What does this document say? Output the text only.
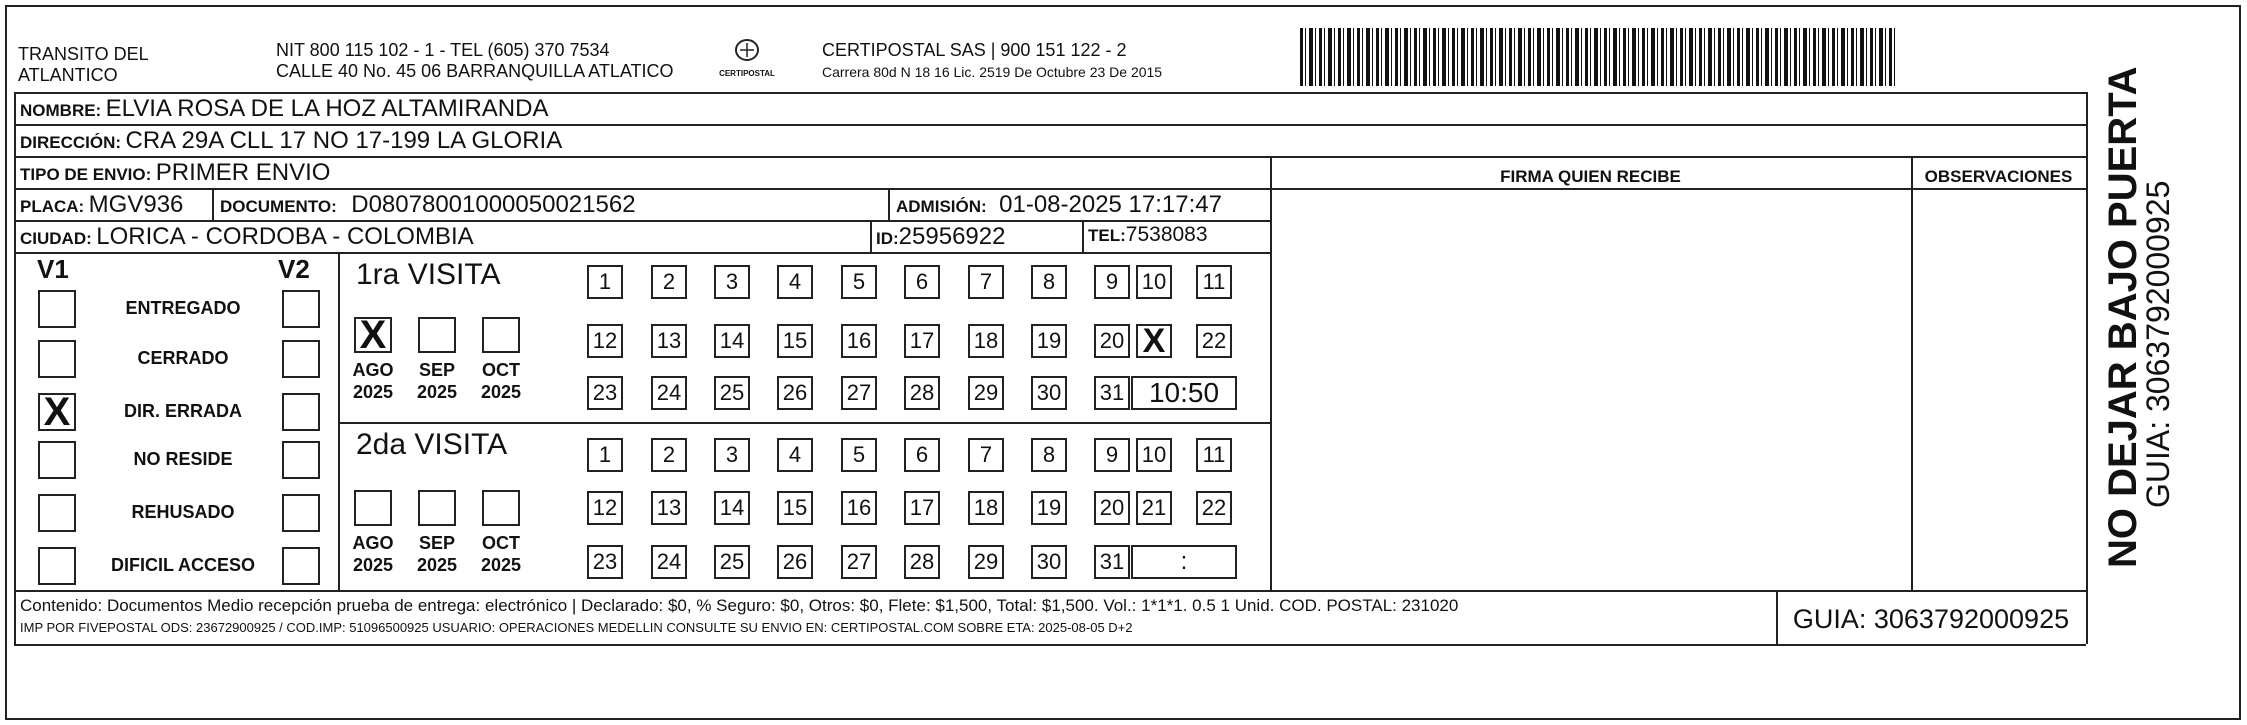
TRANSITO DEL
ATLANTICO
NIT 800 115 102 - 1 - TEL (605) 370 7534
CALLE 40 No. 45 06 BARRANQUILLA ATLATICO	CERTIPOSTAL
CERTIPOSTAL SAS | 900 151 122 - 2
Carrera 80d N 18 16 Lic. 2519 De Octubre 23 De 2015
NOMBRE: ELVIA ROSA DE LA HOZ ALTAMIRANDA
DIRECCIÓN: CRA 29A CLL 17 NO 17-199 LA GLORIA
TIPO DE ENVIO: PRIMER ENVIO	FIRMA QUIEN RECIBE	OBSERVACIONES
PLACA: MGV936 DOCUMENTO: D08078001000050021562	ADMISIÓN: 01-08-2025 17:17:47
CIUDAD: LORICA - CORDOBA - COLOMBIA	ID:25956922	TEL:7538083
V1	V2
ENTREGADO
CERRADO
X	DIR. ERRADA
NO RESIDE
REHUSADO
DIFICIL ACCESO
1ra VISITA
2da VISITA
X
AGO
2025
SEP
2025
OCT
2025
AGO
2025
SEP
2025
OCT
2025
1	2	3	4	5	6	7	8	9	10 11
12 13 14 15 16 17 18 19 20 X 22
23 24 25 26 27 28 29 30 31 10:50
1	2	3	4	5	6	7	8	9	10 11
12 13 14 15 16 17 18 19 20 21 22
23 24 25 26 27 28 29 30 31	:
Contenido: Documentos Medio recepción prueba de entrega: electrónico | Declarado: $0, % Seguro: $0, Otros: $0, Flete: $1,500, Total: $1,500. Vol.: 1*1*1. 0.5 1 Unid. COD. POSTAL: 231020
IMP POR FIVEPOSTAL ODS: 23672900925 / COD.IMP: 51096500925 USUARIO: OPERACIONES MEDELLIN CONSULTE SU ENVIO EN: CERTIPOSTAL.COM SOBRE ETA: 2025-08-05 D+2	GUIA: 3063792000925
NO DEJAR BAJO PUERTA
GUIA: 3063792000925
